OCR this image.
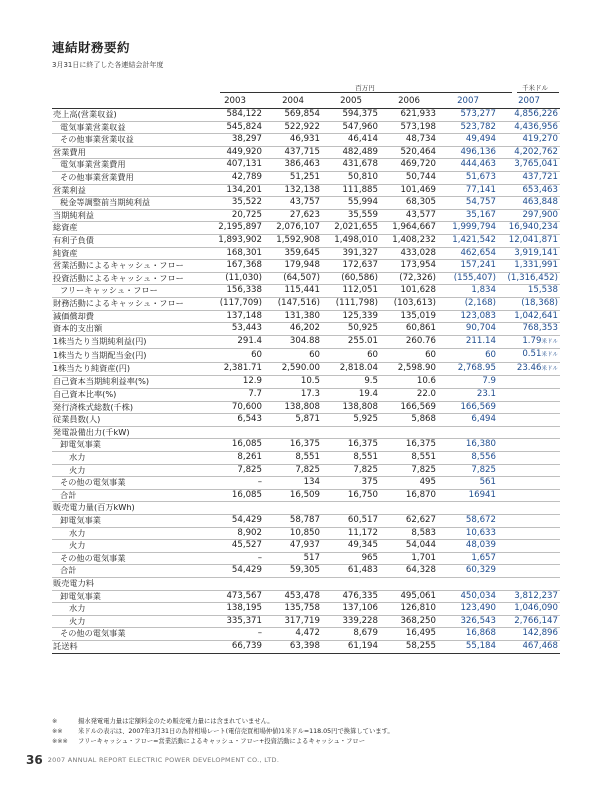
連結財務要約
3月31日に終了した各連結会計年度
百万円	千米ドル
	2003	2004	2005	2006	2007	2007
売上高(営業収益)	584,122	569,854	594,375	621,933	573,277	4,856,226
電気事業営業収益	545,824	522,922	547,960	573,198	523,782	4,436,956
その他事業営業収益	38,297	46,931	46,414	48,734	49,494	419,270
営業費用	449,920	437,715	482,489	520,464	496,136	4,202,762
電気事業営業費用	407,131	386,463	431,678	469,720	444,463	3,765,041
その他事業営業費用	42,789	51,251	50,810	50,744	51,673	437,721
営業利益	134,201	132,138	111,885	101,469	77,141	653,463
税金等調整前当期純利益	35,522	43,757	55,994	68,305	54,757	463,848
当期純利益	20,725	27,623	35,559	43,577	35,167	297,900
総資産	2,195,897	2,076,107	2,021,655	1,964,667	1,999,794	16,940,234
有利子負債	1,893,902	1,592,908	1,498,010	1,408,232	1,421,542	12,041,871
純資産	168,301	359,645	391,327	433,028	462,654	3,919,141
営業活動によるキャッシュ・フロー	167,368	179,948	172,637	173,954	157,241	1,331,991
投資活動によるキャッシュ・フロー	(11,030)	(64,507)	(60,586)	(72,326)	(155,407)	(1,316,452)
フリーキャッシュ・フロー	156,338	115,441	112,051	101,628	1,834	15,538
財務活動によるキャッシュ・フロー	(117,709)	(147,516)	(111,798)	(103,613)	(2,168)	(18,368)
減価償却費	137,148	131,380	125,339	135,019	123,083	1,042,641
資本的支出額	53,443	46,202	50,925	60,861	90,704	768,353
1株当たり当期純利益(円)	291.4	304.88	255.01	260.76	211.14	1.79米ドル
1株当たり当期配当金(円)	60	60	60	60	60	0.51米ドル
1株当たり純資産(円)	2,381.71	2,590.00	2,818.04	2,598.90	2,768.95	23.46米ドル
自己資本当期純利益率(%)	12.9	10.5	9.5	10.6	7.9	
自己資本比率(%)	7.7	17.3	19.4	22.0	23.1	
発行済株式総数(千株)	70,600	138,808	138,808	166,569	166,569	
従業員数(人)	6,543	5,871	5,925	5,868	6,494	
発電設備出力(千kW)						
卸電気事業	16,085	16,375	16,375	16,375	16,380	
水力	8,261	8,551	8,551	8,551	8,556	
火力	7,825	7,825	7,825	7,825	7,825	
その他の電気事業	–	134	375	495	561	
合計	16,085	16,509	16,750	16,870	16941	
販売電力量(百万kWh)						
卸電気事業	54,429	58,787	60,517	62,627	58,672	
水力	8,902	10,850	11,172	8,583	10,633	
火力	45,527	47,937	49,345	54,044	48,039	
その他の電気事業	–	517	965	1,701	1,657	
合計	54,429	59,305	61,483	64,328	60,329	
販売電力料						
卸電気事業	473,567	453,478	476,335	495,061	450,034	3,812,237
水力	138,195	135,758	137,106	126,810	123,490	1,046,090
火力	335,371	317,719	339,228	368,250	326,543	2,766,147
その他の電気事業	–	4,472	8,679	16,495	16,868	142,896
託送料	66,739	63,398	61,194	58,255	55,184	467,468
※	揚水発電電力量は定額料金のため販売電力量には含まれていません。
※※ 米ドルの表示は、2007年3月31日の為替相場レート(電信売買相場仲値)1米ドル=118.05円で換算しています。
※※※ フリーキャッシュ・フロー=営業活動によるキャッシュ・フロー+投資活動によるキャッシュ・フロー
36 2007 ANNUAL REPORT ELECTRIC POWER DEVELOPMENT CO., LTD.
